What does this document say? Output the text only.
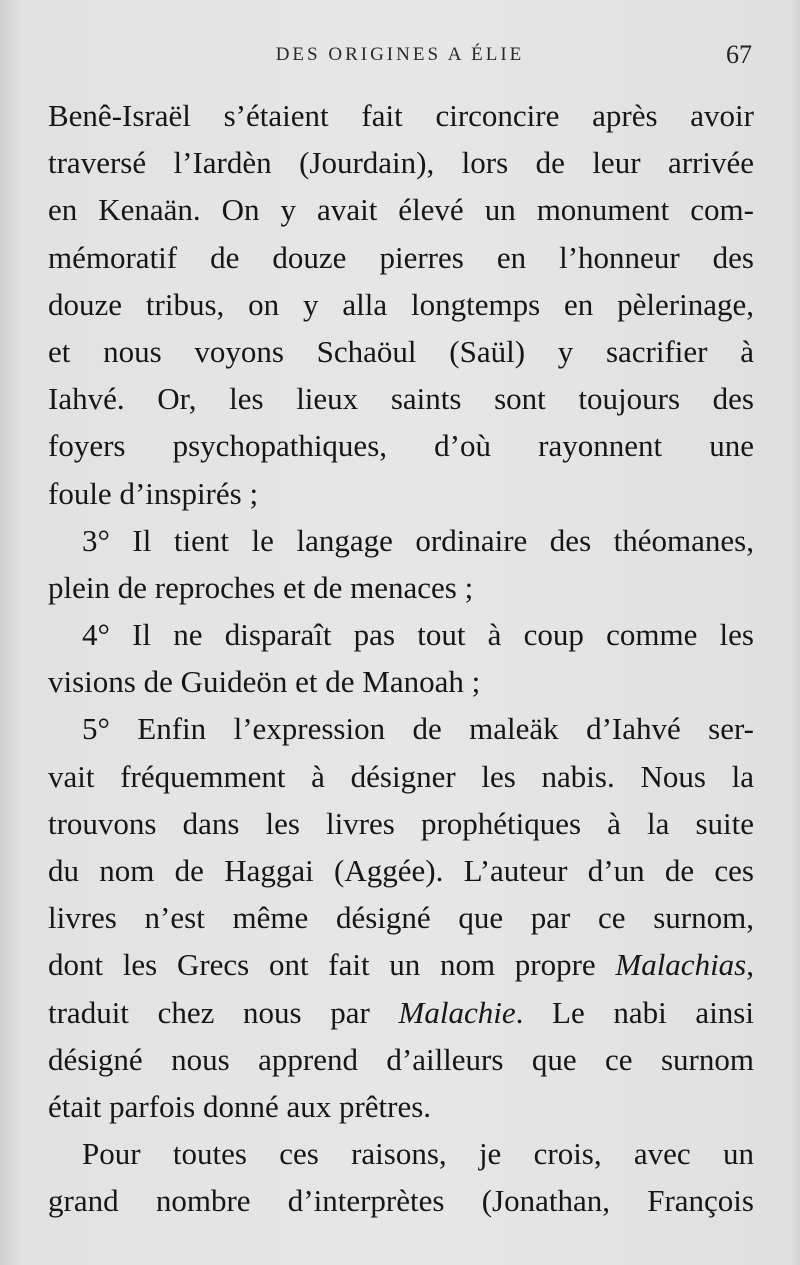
DES ORIGINES A ÉLIE	67
Benê-Israël s’étaient fait circoncire après avoir
traversé l’Iardèn (Jourdain), lors de leur arrivée
en Kenaän. On y avait élevé un monument com-
mémoratif de douze pierres en l’honneur des
douze tribus, on y alla longtemps en pèlerinage,
et nous voyons Schaöul (Saül) y sacrifier à
Iahvé. Or, les lieux saints sont toujours des
foyers psychopathiques, d’où rayonnent une
foule d’inspirés ;
3° Il tient le langage ordinaire des théomanes,
plein de reproches et de menaces ;
4° Il ne disparaît pas tout à coup comme les
visions de Guideön et de Manoah ;
5° Enfin l’expression de maleäk d’Iahvé ser-
vait fréquemment à désigner les nabis. Nous la
trouvons dans les livres prophétiques à la suite
du nom de Haggai (Aggée). L’auteur d’un de ces
livres n’est même désigné que par ce surnom,
dont les Grecs ont fait un nom propre Malachias,
traduit chez nous par Malachie. Le nabi ainsi
désigné nous apprend d’ailleurs que ce surnom
était parfois donné aux prêtres.
Pour toutes ces raisons, je crois, avec un
grand nombre d’interprètes (Jonathan, François
